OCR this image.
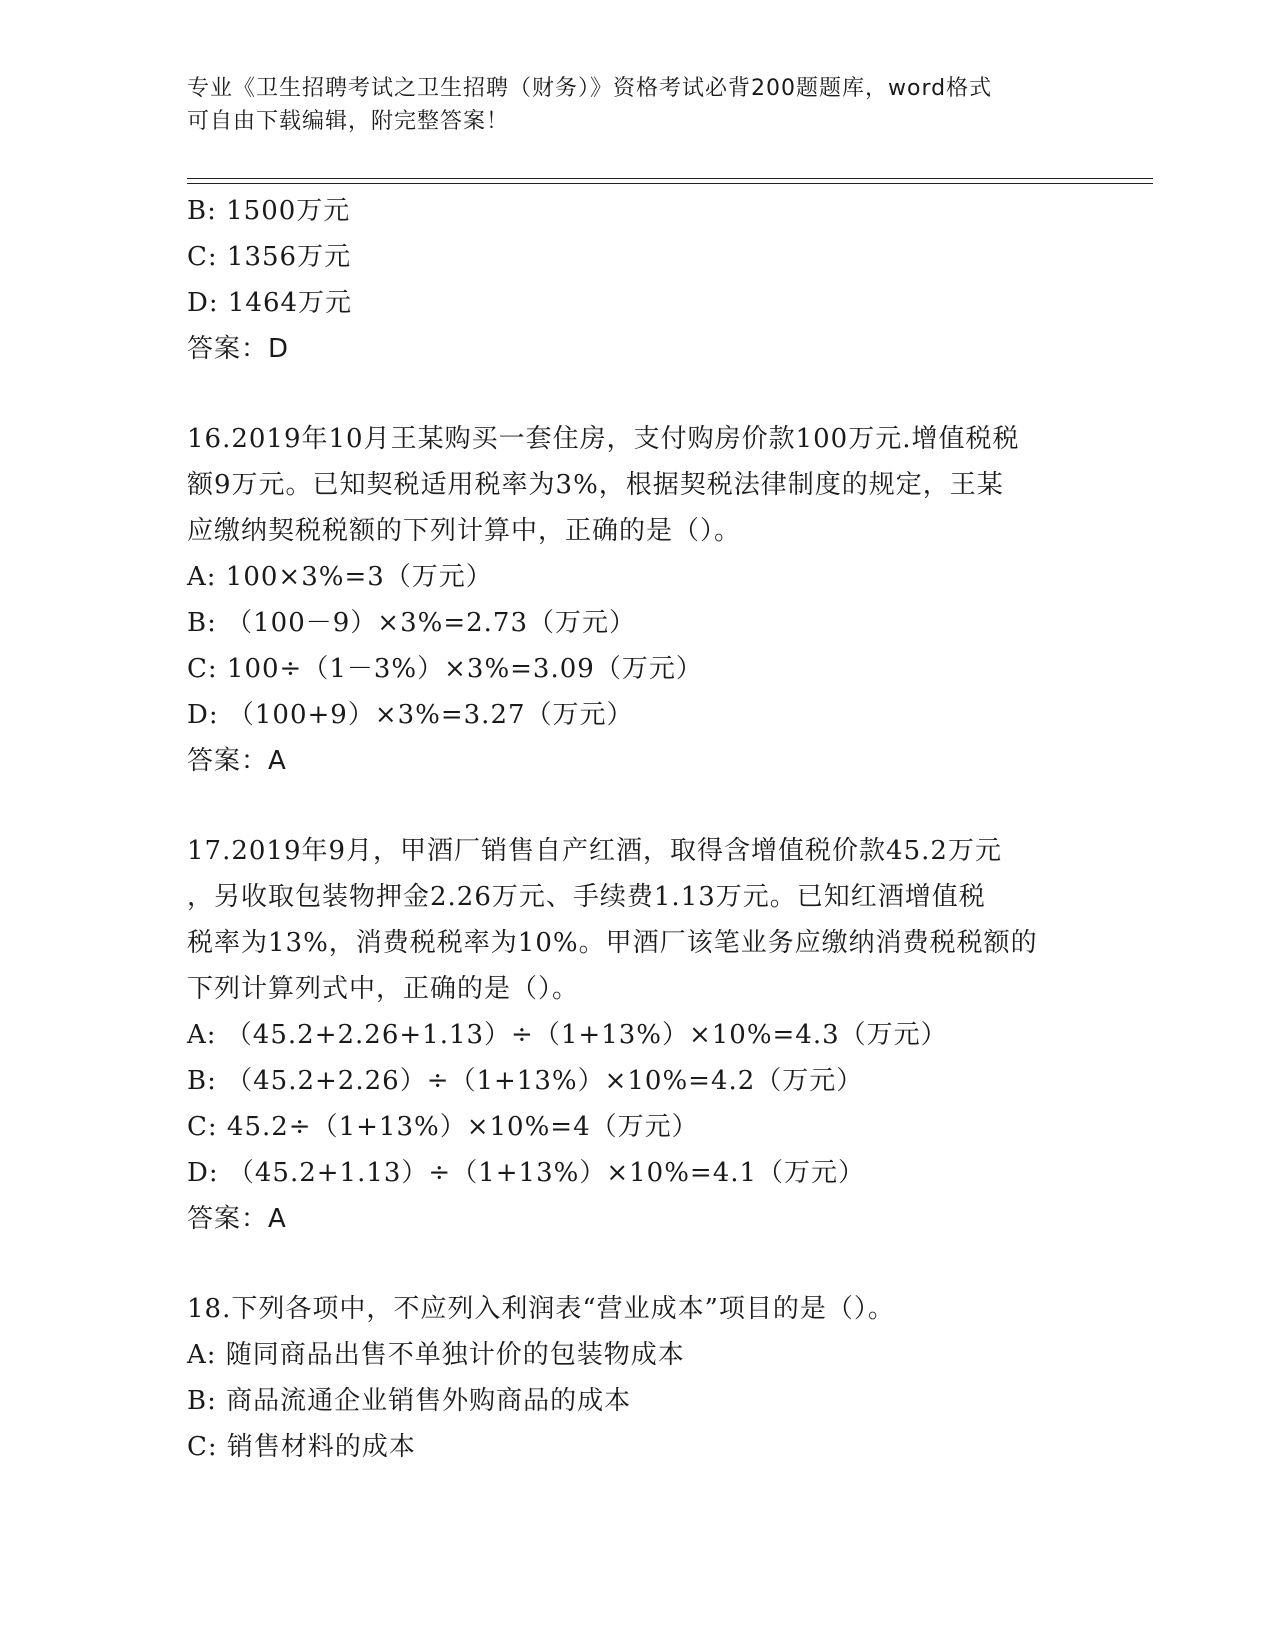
专业《卫生招聘考试之卫生招聘（财务）》资格考试必背200题题库，word格式
可自由下载编辑，附完整答案！
B: 1500万元
C: 1356万元
D: 1464万元
答案：D
16.2019年10月王某购买一套住房，支付购房价款100万元.增值税税
额9万元。已知契税适用税率为3%，根据契税法律制度的规定，王某
应缴纳契税税额的下列计算中，正确的是（）。
A: 100×3%=3（万元）
B: （100－9）×3%=2.73（万元）
C: 100÷（1－3%）×3%=3.09（万元）
D: （100+9）×3%=3.27（万元）
答案：A
17.2019年9月，甲酒厂销售自产红酒，取得含增值税价款45.2万元
，另收取包装物押金2.26万元、手续费1.13万元。已知红酒增值税
税率为13%，消费税税率为10%。甲酒厂该笔业务应缴纳消费税税额的
下列计算列式中，正确的是（）。
A: （45.2+2.26+1.13）÷（1+13%）×10%=4.3（万元）
B: （45.2+2.26）÷（1+13%）×10%=4.2（万元）
C: 45.2÷（1+13%）×10%=4（万元）
D: （45.2+1.13）÷（1+13%）×10%=4.1（万元）
答案：A
18.下列各项中，不应列入利润表“营业成本”项目的是（）。
A: 随同商品出售不单独计价的包装物成本
B: 商品流通企业销售外购商品的成本
C: 销售材料的成本
